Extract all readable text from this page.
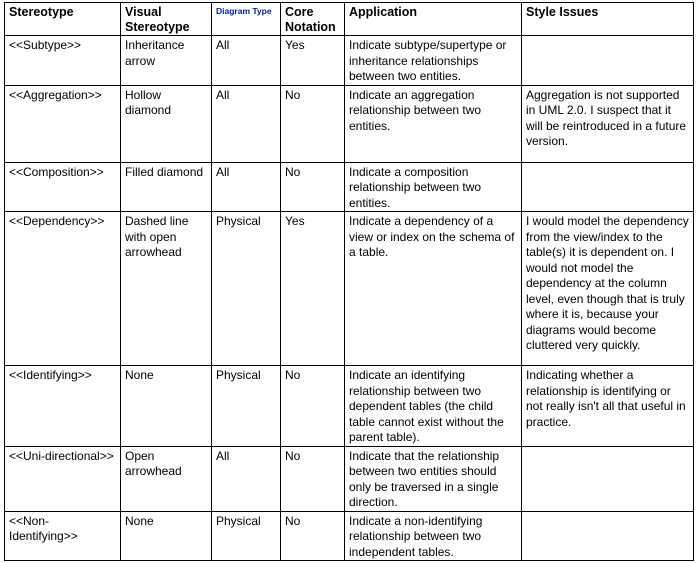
Stereotype	Visual Stereotype	Diagram Type	Core Notation	Application	Style Issues
<<Subtype>>	Inheritance arrow	All	Yes	Indicate subtype/supertype or inheritance relationships between two entities.	
<<Aggregation>>	Hollow diamond	All	No	Indicate an aggregation relationship between two entities.	Aggregation is not supported in UML 2.0. I suspect that it will be reintroduced in a future version.
<<Composition>>	Filled diamond	All	No	Indicate a composition relationship between two entities.	
<<Dependency>>	Dashed line with open arrowhead	Physical	Yes	Indicate a dependency of a view or index on the schema of a table.	I would model the dependency from the view/index to the table(s) it is dependent on. I would not model the dependency at the column level, even though that is truly where it is, because your diagrams would become cluttered very quickly.
<<Identifying>>	None	Physical	No	Indicate an identifying relationship between two dependent tables (the child table cannot exist without the parent table).	Indicating whether a relationship is identifying or not really isn't all that useful in practice.
<<Uni-directional>>	Open arrowhead	All	No	Indicate that the relationship between two entities should only be traversed in a single direction.	
<<Non-Identifying>>	None	Physical	No	Indicate a non-identifying relationship between two independent tables.	
